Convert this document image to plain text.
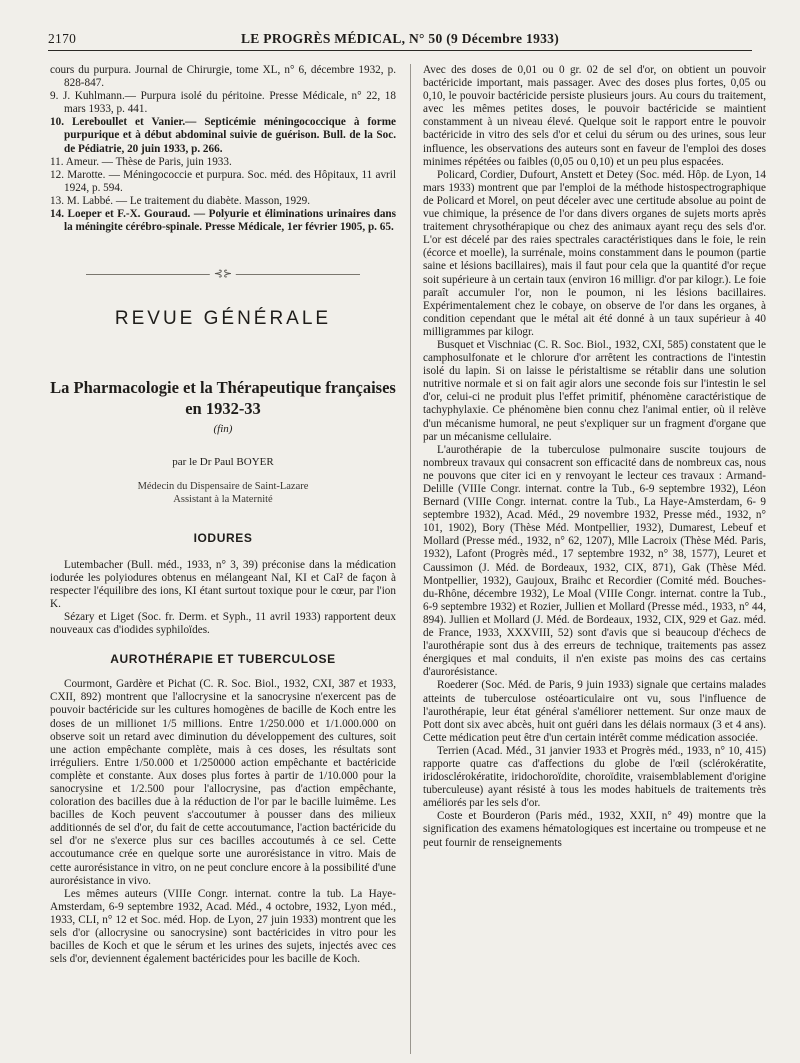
2170	LE PROGRÈS MÉDICAL, N° 50 (9 Décembre 1933)

cours du purpura. Journal de Chirurgie, tome XL, n° 6, décembre 1932, p. 828-847.

9. J. Kuhlmann.— Purpura isolé du péritoine. Presse Médicale, n° 22, 18 mars 1933, p. 441.

10. Lereboullet et Vanier.— Septicémie méningococcique à forme purpurique et à début abdominal suivie de guérison. Bull. de la Soc. de Pédiatrie, 20 juin 1933, p. 266.

11. Ameur. — Thèse de Paris, juin 1933.

12. Marotte. — Méningococcie et purpura. Soc. méd. des Hôpitaux, 11 avril 1924, p. 594.

13. M. Labbé. — Le traitement du diabète. Masson, 1929.

14. Loeper et F.-X. Gouraud. — Polyurie et éliminations urinaires dans la méningite cérébro-spinale. Presse Médicale, 1er février 1905, p. 65.

⊰⊱
REVUE GÉNÉRALE
La Pharmacologie et la Thérapeutique françaises en 1932-33
(fin)
par le Dr Paul BOYER
Médecin du Dispensaire de Saint-Lazare
Assistant à la Maternité
IODURES

Lutembacher (Bull. méd., 1933, n° 3, 39) préconise dans la médication iodurée les polyiodures obtenus en mélangeant NaI, KI et CaI² de façon à respecter l'équilibre des ions, KI étant surtout toxique pour le cœur, par l'ion K.

Sézary et Liget (Soc. fr. Derm. et Syph., 11 avril 1933) rapportent deux nouveaux cas d'iodides syphiloïdes.

AUROTHÉRAPIE ET TUBERCULOSE

Courmont, Gardère et Pichat (C. R. Soc. Biol., 1932, CXI, 387 et 1933, CXII, 892) montrent que l'allocrysine et la sanocrysine n'exercent pas de pouvoir bactéricide sur les cultures homogènes de bacille de Koch entre les doses de un millionet 1/5 millions. Entre 1/250.000 et 1/1.000.000 on observe soit un retard avec diminution du développement des cultures, soit une action empêchante complète, mais à ces doses, les résultats sont irréguliers. Entre 1/50.000 et 1/250000 action empêchante et bactéricide complète et constante. Aux doses plus fortes à partir de 1/10.000 pour la sanocrysine et 1/2.500 pour l'allocrysine, pas d'action empêchante, coloration des bacilles due à la réduction de l'or par le bacille luimême. Les bacilles de Koch peuvent s'accoutumer à pousser dans des milieux additionnés de sel d'or, du fait de cette accoutumance, l'action bactéricide du sel d'or ne s'exerce plus sur ces bacilles accoutumés à ce sel. Cette accoutumance crée en quelque sorte une aurorésistance in vitro. Mais de cette aurorésistance in vitro, on ne peut conclure encore à la possibilité d'une aurorésistance in vivo.

Les mêmes auteurs (VIIIe Congr. internat. contre la tub. La Haye-Amsterdam, 6-9 septembre 1932, Acad. Méd., 4 octobre, 1932, Lyon méd., 1933, CLI, n° 12 et Soc. méd. Hop. de Lyon, 27 juin 1933) montrent que les sels d'or (allocrysine ou sanocrysine) sont bactéricides in vitro pour les bacilles de Koch et que le sérum et les urines des sujets, injectés avec ces sels d'or, deviennent également bactéricides pour les bacille de Koch.

Avec des doses de 0,01 ou 0 gr. 02 de sel d'or, on obtient un pouvoir bactéricide important, mais passager. Avec des doses plus fortes, 0,05 ou 0,10, le pouvoir bactéricide persiste plusieurs jours. Au cours du traitement, avec les mêmes petites doses, le pouvoir bactéricide se maintient constamment à un niveau élevé. Quelque soit le rapport entre le pouvoir bactéricide in vitro des sels d'or et celui du sérum ou des urines, sous leur influence, les observations des auteurs sont en faveur de l'emploi des doses minimes répétées ou faibles (0,05 ou 0,10) et un peu plus espacées.

Policard, Cordier, Dufourt, Anstett et Detey (Soc. méd. Hôp. de Lyon, 14 mars 1933) montrent que par l'emploi de la méthode histospectrographique de Policard et Morel, on peut déceler avec une certitude absolue au point de vue chimique, la présence de l'or dans divers organes de sujets morts après traitement chrysothérapique ou chez des animaux ayant reçu des sels d'or. L'or est décelé par des raies spectrales caractéristiques dans le foie, le rein (écorce et moelle), la surrénale, moins constamment dans le poumon (partie saine et lésions bacillaires), mais il faut pour cela que la quantité d'or reçue soit supérieure à un certain taux (environ 16 milligr. d'or par kilogr.). Le foie paraît accumuler l'or, non le poumon, ni les lésions bacillaires. Expérimentalement chez le cobaye, on observe de l'or dans les organes, à condition cependant que le métal ait été donné à un taux supérieur à 40 milligrammes par kilogr.

Busquet et Vischniac (C. R. Soc. Biol., 1932, CXI, 585) constatent que le camphosulfonate et le chlorure d'or arrêtent les contractions de l'intestin isolé du lapin. Si on laisse le péristaltisme se rétablir dans une solution nutritive normale et si on fait agir alors une seconde fois sur l'intestin le sel d'or, celui-ci ne produit plus l'effet primitif, phénomène caractéristique de tachyphylaxie. Ce phénomène bien connu chez l'animal entier, où il relève d'un mécanisme humoral, ne peut s'expliquer sur un fragment d'organe que par un mécanisme cellulaire.

L'aurothérapie de la tuberculose pulmonaire suscite toujours de nombreux travaux qui consacrent son efficacité dans de nombreux cas, nous ne pouvons que citer ici en y renvoyant le lecteur ces travaux : Armand-Delille (VIIIe Congr. internat. contre la Tub., 6-9 septembre 1932), Léon Bernard (VIIIe Congr. internat. contre la Tub., La Haye-Amsterdam, 6- 9 septembre 1932), Acad. Méd., 29 novembre 1932, Presse méd., 1932, n° 101, 1902), Bory (Thèse Méd. Montpellier, 1932), Dumarest, Lebeuf et Mollard (Presse méd., 1932, n° 62, 1207), Mlle Lacroix (Thèse Méd. Paris, 1932), Lafont (Progrès méd., 17 septembre 1932, n° 38, 1577), Leuret et Caussimon (J. Méd. de Bordeaux, 1932, CIX, 871), Gak (Thèse Méd. Montpellier, 1932), Gaujoux, Braihc et Recordier (Comité méd. Bouches-du-Rhône, décembre 1932), Le Moal (VIIIe Congr. internat. contre la Tub., 6-9 septembre 1932) et Rozier, Jullien et Mollard (Presse méd., 1933, n° 44, 894). Jullien et Mollard (J. Méd. de Bordeaux, 1932, CIX, 929 et Gaz. méd. de France, 1933, XXXVIII, 52) sont d'avis que si beaucoup d'échecs de l'aurothérapie sont dus à des erreurs de technique, traitements pas assez énergiques et mal conduits, il n'en existe pas moins des cas certains d'aurorésistance.

Roederer (Soc. Méd. de Paris, 9 juin 1933) signale que certains malades atteints de tuberculose ostéoarticulaire ont vu, sous l'influence de l'aurothérapie, leur état général s'améliorer nettement. Sur onze maux de Pott dont six avec abcès, huit ont guéri dans les délais normaux (3 et 4 ans). Cette médication peut être d'un certain intérêt comme médication associée.

Terrien (Acad. Méd., 31 janvier 1933 et Progrès méd., 1933, n° 10, 415) rapporte quatre cas d'affections du globe de l'œil (sclérokératite, iridosclérokératite, iridochoroïdite, choroïdite, vraisemblablement d'origine tuberculeuse) ayant résisté à tous les modes habituels de traitements très améliorés par les sels d'or.

Coste et Bourderon (Paris méd., 1932, XXII, n° 49) montre que la signification des examens hématologiques est incertaine ou trompeuse et ne peut fournir de renseignements
